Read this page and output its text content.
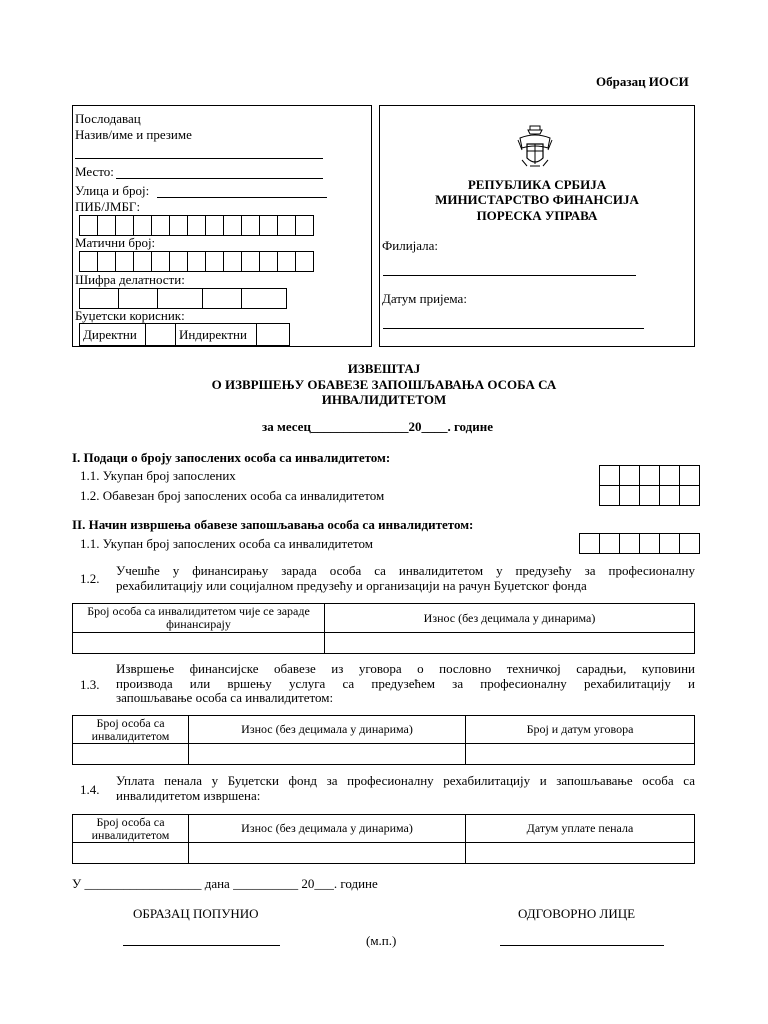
Образац ИОСИ
Послодавац
Назив/име и презиме
Место:
Улица и број:
ПИБ/ЈМБГ:
Матични број:
Шифра делатности:
Буџетски корисник:
Директни	Индиректни
РЕПУБЛИКА СРБИЈА
МИНИСТАРСТВО ФИНАНСИЈА
ПОРЕСКА УПРАВА
Филијала:
Датум пријема:
ИЗВЕШТАЈ
О ИЗВРШЕЊУ ОБАВЕЗЕ ЗАПОШЉАВАЊА ОСОБА СА
ИНВАЛИДИТЕТОМ
за месец_______________20____. године
I. Подаци о броју запослених особа са инвалидитетом:
1.1. Укупан број запослених
1.2. Обавезан број запослених особа са инвалидитетом
II. Начин извршења обавезе запошљавања особа са инвалидитетом:
1.1. Укупан број запослених особа са инвалидитетом
1.2.
Учешће у финансирању зарада особа са инвалидитетом у предузећу за професионалну
рехабилитацију или социјалном предузећу и организацији на рачун Буџетског фонда
Број особа са инвалидитетом чије се зараде финансирају	Износ (без децимала у динарима)

1.3.
Извршење финансијске обавезе из уговора о пословно техничкој сарадњи, куповини
производа или вршењу услуга са предузећем за професионалну рехабилитацију и
запошљавање особа са инвалидитетом:
Број особа са инвалидитетом	Износ (без децимала у динарима)	Број и датум уговора

1.4.
Уплата пенала у Буџетски фонд за професионалну рехабилитацију и запошљавање особа са
инвалидитетом извршена:
Број особа са инвалидитетом	Износ (без децимала у динарима)	Датум уплате пенала

У __________________ дана __________ 20___. године
ОБРАЗАЦ ПОПУНИО
(м.п.)
ОДГОВОРНО ЛИЦЕ
